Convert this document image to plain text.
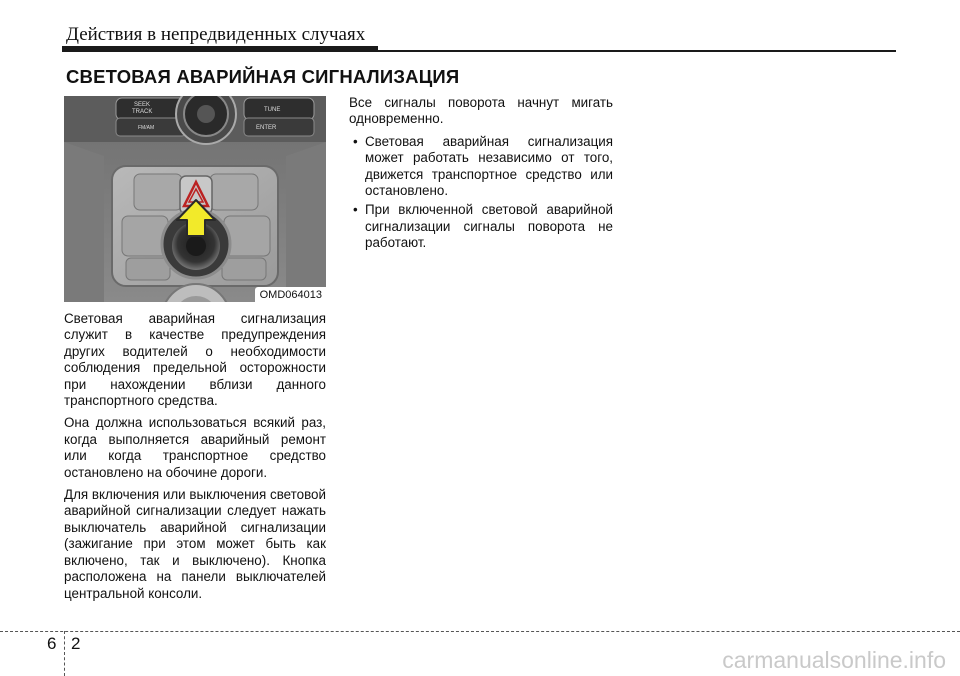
Действия в непредвиденных случаях
СВЕТОВАЯ АВАРИЙНАЯ СИГНАЛИЗАЦИЯ
SEEK
TRACK	TUNE
ENTER
FM/AM
OMD064013

Световая аварийная сигнализация служит в качестве предупреждения других водителей о необходимости соблюдения предельной осторожности при нахождении вблизи данного транспортного средства.

Она должна использоваться всякий раз, когда выполняется аварийный ремонт или когда транспортное средство остановлено на обочине дороги.

Для включения или выключения световой аварийной сигнализации следует нажать выключатель аварийной сигнализации (зажигание при этом может быть как включено, так и выключено). Кнопка расположена на панели выключателей центральной консоли.

Все сигналы поворота начнут мигать одновременно.

• Световая аварийная сигнализация может работать независимо от того, движется транспортное средство или остановлено.
• При включенной световой аварийной сигнализации сигналы поворота не работают.
6 2
carmanualsonline.info
